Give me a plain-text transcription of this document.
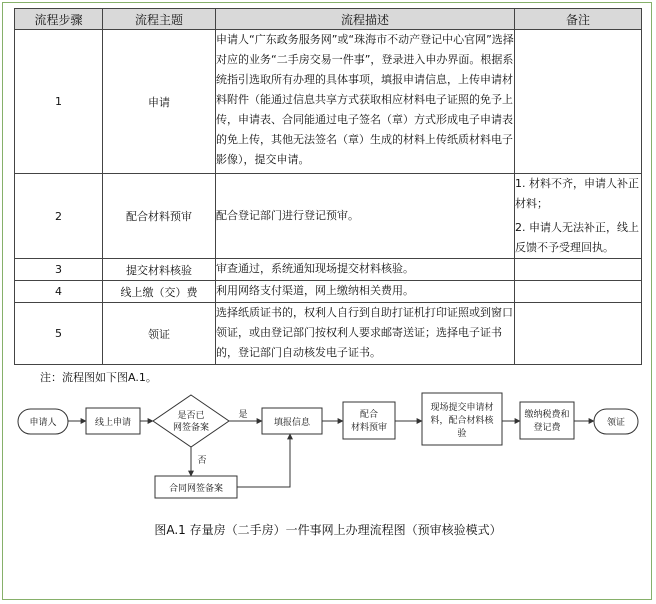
流程步骤	流程主题	流程描述	备注
1	申请	申请人“广东政务服务网”或“珠海市不动产登记中心官网”选择对应的业务“二手房交易一件事”，登录进入申办界面。根据系统指引选取所有办理的具体事项，填报申请信息，上传申请材料附件（能通过信息共享方式获取相应材料电子证照的免予上传，申请表、合同能通过电子签名（章）方式形成电子申请表的免上传，其他无法签名（章）生成的材料上传纸质材料电子影像），提交申请。	
2	配合材料预审	配合登记部门进行登记预审。	1. 材料不齐，申请人补正材料；
2. 申请人无法补正，线上反馈不予受理回执。

3	提交材料核验	审查通过，系统通知现场提交材料核验。	
4	线上缴（交）费	利用网络支付渠道，网上缴纳相关费用。	
5	领证	选择纸质证书的，权利人自行到自助打证机打印证照或到窗口领证，或由登记部门按权利人要求邮寄送证；选择电子证书的，登记部门自动核发电子证书。	
注：流程图如下图A.1。
申请人	线上申请
是否已
网签备案	填报信息
配合
材料预审
现场提交申请材
料，配合材料核
验
缴纳税费和
登记费	领证
合同网签备案
是
否
图A.1 存量房（二手房）一件事网上办理流程图（预审核验模式）
